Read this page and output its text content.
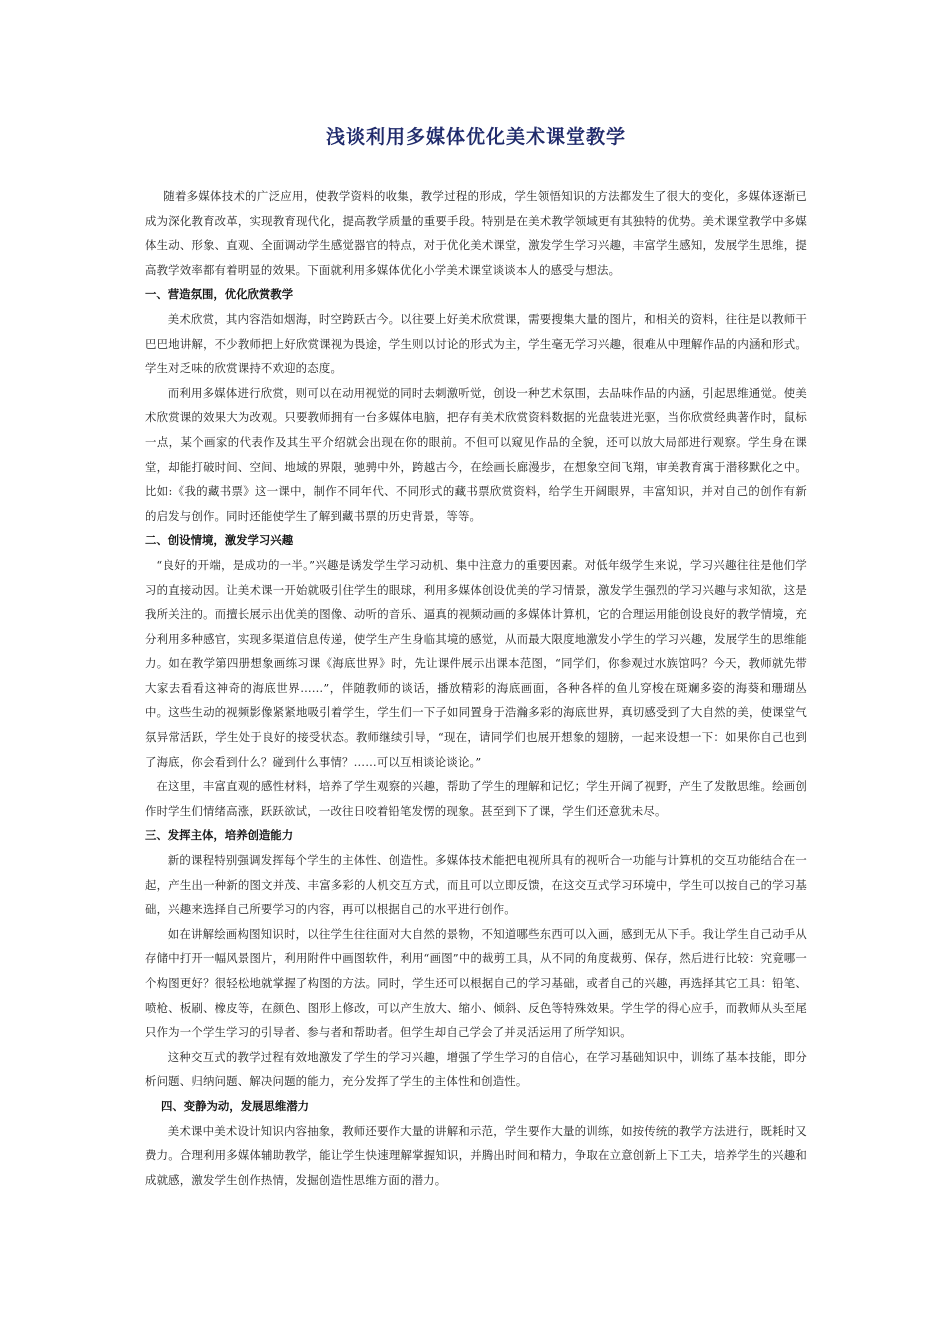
浅谈利用多媒体优化美术课堂教学

随着多媒体技术的广泛应用，使教学资料的收集，教学过程的形成，学生领悟知识的方法都发生了很大的变化，多媒体逐渐已成为深化教育改革，实现教育现代化，提高教学质量的重要手段。特别是在美术教学领域更有其独特的优势。美术课堂教学中多媒体生动、形象、直观、全面调动学生感觉器官的特点，对于优化美术课堂，激发学生学习兴趣，丰富学生感知，发展学生思维，提高教学效率都有着明显的效果。下面就利用多媒体优化小学美术课堂谈谈本人的感受与想法。

一、营造氛围，优化欣赏教学

美术欣赏，其内容浩如烟海，时空跨跃古今。以往要上好美术欣赏课，需要搜集大量的图片，和相关的资料，往往是以教师干巴巴地讲解，不少教师把上好欣赏课视为畏途，学生则以讨论的形式为主，学生毫无学习兴趣，很难从中理解作品的内涵和形式。学生对乏味的欣赏课持不欢迎的态度。

而利用多媒体进行欣赏，则可以在动用视觉的同时去刺激听觉，创设一种艺术氛围，去品味作品的内涵，引起思维通觉。使美术欣赏课的效果大为改观。只要教师拥有一台多媒体电脑，把存有美术欣赏资料数据的光盘装进光驱，当你欣赏经典著作时，鼠标一点，某个画家的代表作及其生平介绍就会出现在你的眼前。不但可以窥见作品的全貌，还可以放大局部进行观察。学生身在课堂，却能打破时间、空间、地域的界限，驰骋中外，跨越古今，在绘画长廊漫步，在想象空间飞翔，审美教育寓于潜移默化之中。比如:《我的藏书票》这一课中，制作不同年代、不同形式的藏书票欣赏资料，给学生开阔眼界，丰富知识，并对自己的创作有新的启发与创作。同时还能使学生了解到藏书票的历史背景，等等。

二、创设情境，激发学习兴趣

“良好的开端，是成功的一半。”兴趣是诱发学生学习动机、集中注意力的重要因素。对低年级学生来说，学习兴趣往往是他们学习的直接动因。让美术课一开始就吸引住学生的眼球，利用多媒体创设优美的学习情景，激发学生强烈的学习兴趣与求知欲，这是我所关注的。而擅长展示出优美的图像、动听的音乐、逼真的视频动画的多媒体计算机，它的合理运用能创设良好的教学情境，充分利用多种感官，实现多渠道信息传递，使学生产生身临其境的感觉，从而最大限度地激发小学生的学习兴趣，发展学生的思维能力。如在教学第四册想象画练习课《海底世界》时，先让课件展示出课本范图，“同学们，你参观过水族馆吗？今天，教师就先带大家去看看这神奇的海底世界……”，伴随教师的谈话，播放精彩的海底画面，各种各样的鱼儿穿梭在斑斓多姿的海葵和珊瑚丛中。这些生动的视频影像紧紧地吸引着学生，学生们一下子如同置身于浩瀚多彩的海底世界，真切感受到了大自然的美，使课堂气氛异常活跃，学生处于良好的接受状态。教师继续引导，“现在，请同学们也展开想象的翅膀，一起来设想一下：如果你自己也到了海底，你会看到什么？碰到什么事情？……可以互相谈论谈论。”

在这里，丰富直观的感性材料，培养了学生观察的兴趣，帮助了学生的理解和记忆；学生开阔了视野，产生了发散思维。绘画创作时学生们情绪高涨，跃跃欲试，一改往日咬着铅笔发愣的现象。甚至到下了课，学生们还意犹未尽。

三、发挥主体，培养创造能力

新的课程特别强调发挥每个学生的主体性、创造性。多媒体技术能把电视所具有的视听合一功能与计算机的交互功能结合在一起，产生出一种新的图文并茂、丰富多彩的人机交互方式，而且可以立即反馈，在这交互式学习环境中，学生可以按自己的学习基础，兴趣来选择自己所要学习的内容，再可以根据自己的水平进行创作。

如在讲解绘画构图知识时，以往学生往往面对大自然的景物，不知道哪些东西可以入画，感到无从下手。我让学生自己动手从存储中打开一幅风景图片，利用附件中画图软件，利用“画图”中的裁剪工具，从不同的角度裁剪、保存，然后进行比较：究竟哪一个构图更好？很轻松地就掌握了构图的方法。同时，学生还可以根据自己的学习基础，或者自己的兴趣，再选择其它工具：铅笔、喷枪、板刷、橡皮等，在颜色、图形上修改，可以产生放大、缩小、倾斜、反色等特殊效果。学生学的得心应手，而教师从头至尾只作为一个学生学习的引导者、参与者和帮助者。但学生却自己学会了并灵活运用了所学知识。

这种交互式的教学过程有效地激发了学生的学习兴趣，增强了学生学习的自信心，在学习基础知识中，训练了基本技能，即分析问题、归纳问题、解决问题的能力，充分发挥了学生的主体性和创造性。

四、变静为动，发展思维潜力

美术课中美术设计知识内容抽象，教师还要作大量的讲解和示范，学生要作大量的训练，如按传统的教学方法进行，既耗时又费力。合理利用多媒体辅助教学，能让学生快速理解掌握知识，并腾出时间和精力，争取在立意创新上下工夫，培养学生的兴趣和成就感，激发学生创作热情，发掘创造性思维方面的潜力。
